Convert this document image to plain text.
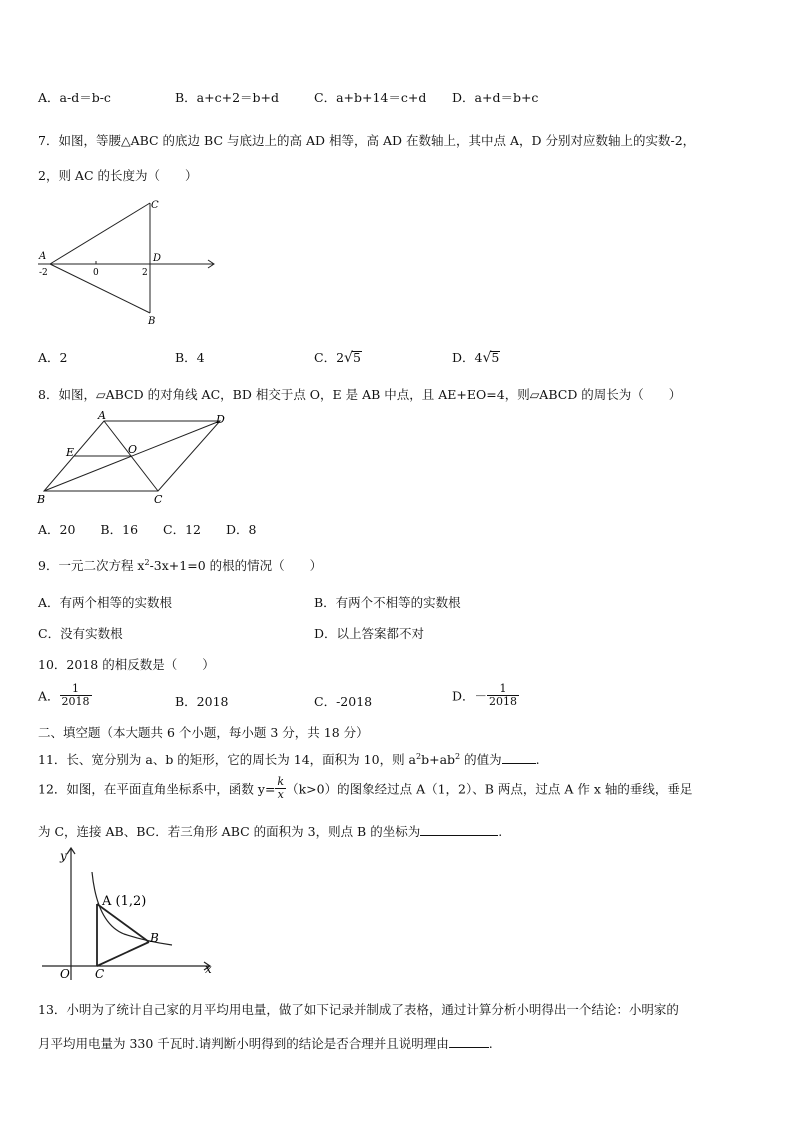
A．a-d＝b-c	B．a+c+2＝b+d	C．a+b+14＝c+d D．a+d＝b+c
7．如图，等腰△ABC 的底边 BC 与底边上的高 AD 相等，高 AD 在数轴上，其中点 A，D 分别对应数轴上的实数-2，
2，则 AC 的长度为（　　）
C
A	D
B
-2	0	2
A．2	B．4	C．2√5	D．4√5
8．如图，▱ABCD 的对角线 AC，BD 相交于点 O，E 是 AB 中点，且 AE+EO=4，则▱ABCD 的周长为（　　）
A	D
E	O
B	C
A．20　　B．16　　C．12　　D．8
9．一元二次方程 $x^2-3x+1=0$ 的根的情况（　　）
A．有两个相等的实数根	B．有两个不相等的实数根
C．没有实数根	D．以上答案都不对
10．2018 的相反数是（　　）
A． $\frac{1}{2018}$	B．2018	C．-2018	D．－ $\frac{1}{2018}$
二、填空题（本大题共 6 个小题，每小题 3 分，共 18 分）
11．长、宽分别为 a、b 的矩形，它的周长为 14，面积为 10，则 $a^2b+ab^2$ 的值为	.
12．如图，在平面直角坐标系中，函数 $y= \frac{k}{x} (k>0)$的图象经过点 A（1，2）、B 两点，过点 A 作 x 轴的垂线，垂足
为 C，连接 AB、BC．若三角形 ABC 的面积为 3，则点 B 的坐标为	.
y
x
O C
A (1,2)
B
13．小明为了统计自己家的月平均用电量，做了如下记录并制成了表格，通过计算分析小明得出一个结论：小明家的
月平均用电量为 330 千瓦时.请判断小明得到的结论是否合理并且说明理由	.
